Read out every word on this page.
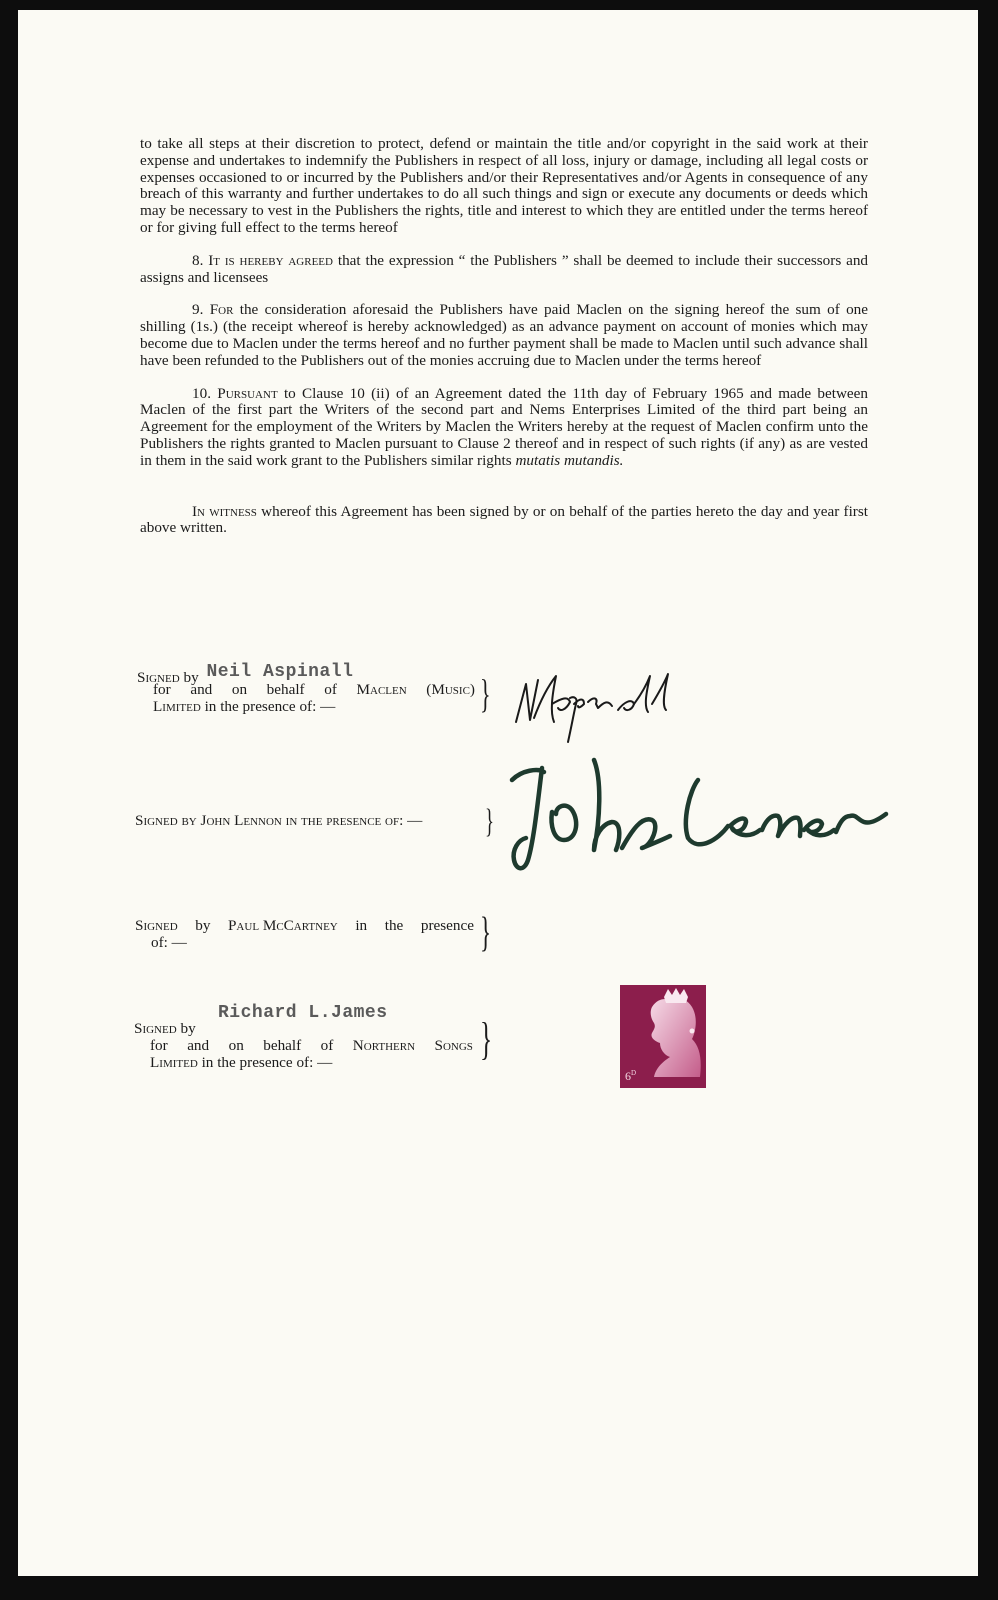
to take all steps at their discretion to protect, defend or maintain the title and/or copyright in the said work at their expense and undertakes to indemnify the Publishers in respect of all loss, injury or damage, including all legal costs or expenses occasioned to or incurred by the Publishers and/or their Representatives and/or Agents in consequence of any breach of this warranty and further undertakes to do all such things and sign or execute any documents or deeds which may be necessary to vest in the Publishers the rights, title and interest to which they are entitled under the terms hereof or for giving full effect to the terms hereof

8. It is hereby agreed that the expression “ the Publishers ” shall be deemed to include their successors and assigns and licensees

9. For the consideration aforesaid the Publishers have paid Maclen on the signing hereof the sum of one shilling (1s.) (the receipt whereof is hereby acknowledged) as an advance payment on account of monies which may become due to Maclen under the terms hereof and no further payment shall be made to Maclen until such advance shall have been refunded to the Publishers out of the monies accruing due to Maclen under the terms hereof

10. Pursuant to Clause 10 (ii) of an Agreement dated the 11th day of February 1965 and made between Maclen of the first part the Writers of the second part and Nems Enterprises Limited of the third part being an Agreement for the employment of the Writers by Maclen the Writers hereby at the request of Maclen confirm unto the Publishers the rights granted to Maclen pursuant to Clause 2 thereof and in respect of such rights (if any) as are vested in them in the said work grant to the Publishers similar rights mutatis mutandis.

In witness whereof this Agreement has been signed by or on behalf of the parties hereto the day and year first above written.

Signed by Neil Aspinall
for and on behalf of Maclen (Music)
Limited in the presence of: —	}
Signed by John Lennon in the presence of: — }
Signed by Paul McCartney in the presence
of: —	}
Richard L.James
Signed by
for and on behalf of Northern Songs
Limited in the presence of: —	}
$6^D$
